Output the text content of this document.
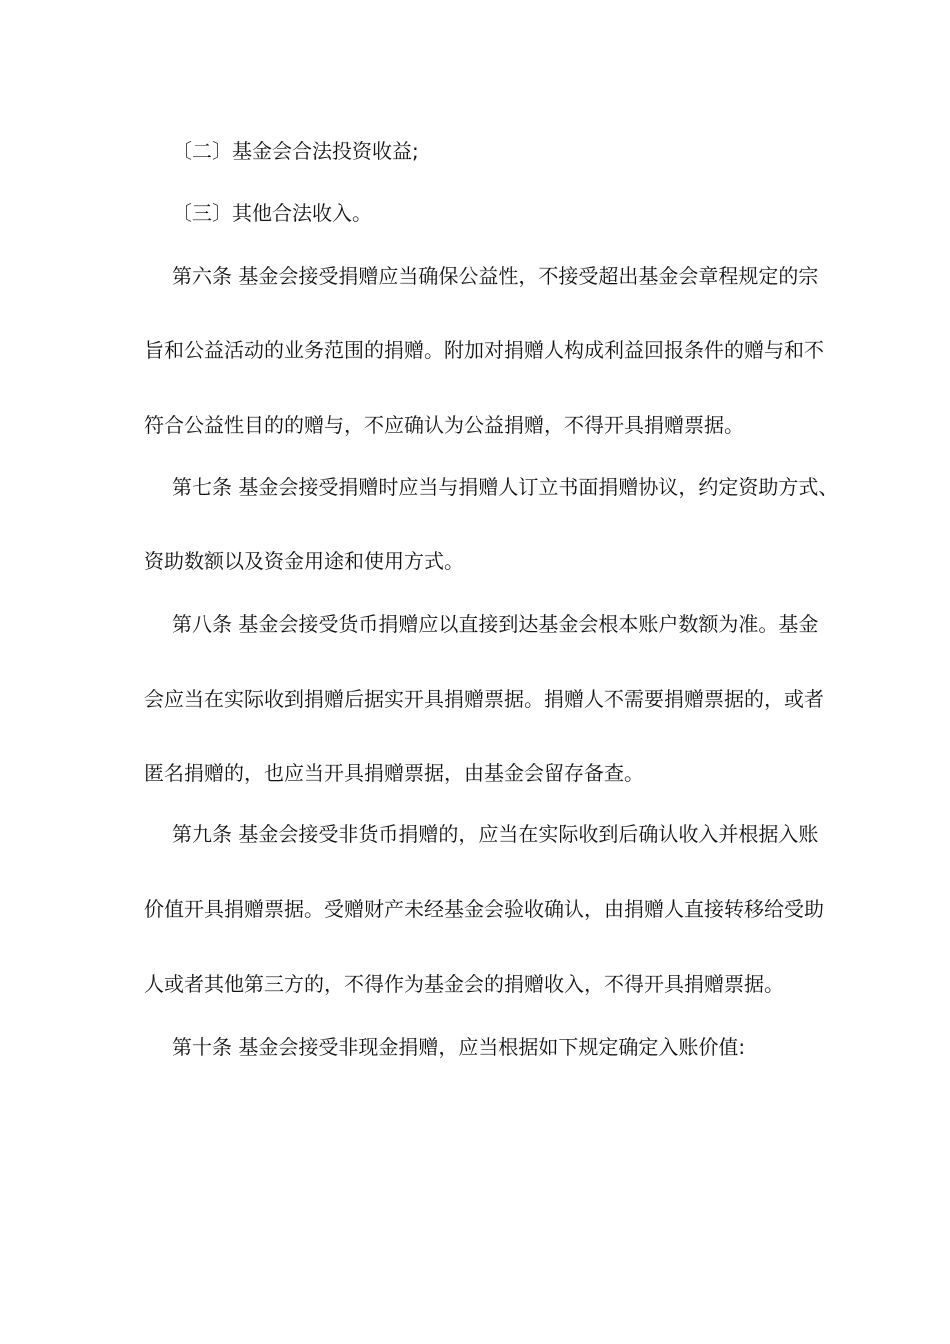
〔二〕基金会合法投资收益;
〔三〕其他合法收入。
第六条 基金会接受捐赠应当确保公益性，不接受超出基金会章程规定的宗
旨和公益活动的业务范围的捐赠。附加对捐赠人构成利益回报条件的赠与和不
符合公益性目的的赠与，不应确认为公益捐赠，不得开具捐赠票据。
第七条 基金会接受捐赠时应当与捐赠人订立书面捐赠协议，约定资助方式、
资助数额以及资金用途和使用方式。
第八条 基金会接受货币捐赠应以直接到达基金会根本账户数额为准。基金
会应当在实际收到捐赠后据实开具捐赠票据。捐赠人不需要捐赠票据的，或者
匿名捐赠的，也应当开具捐赠票据，由基金会留存备查。
第九条 基金会接受非货币捐赠的，应当在实际收到后确认收入并根据入账
价值开具捐赠票据。受赠财产未经基金会验收确认，由捐赠人直接转移给受助
人或者其他第三方的，不得作为基金会的捐赠收入，不得开具捐赠票据。
第十条 基金会接受非现金捐赠，应当根据如下规定确定入账价值:
